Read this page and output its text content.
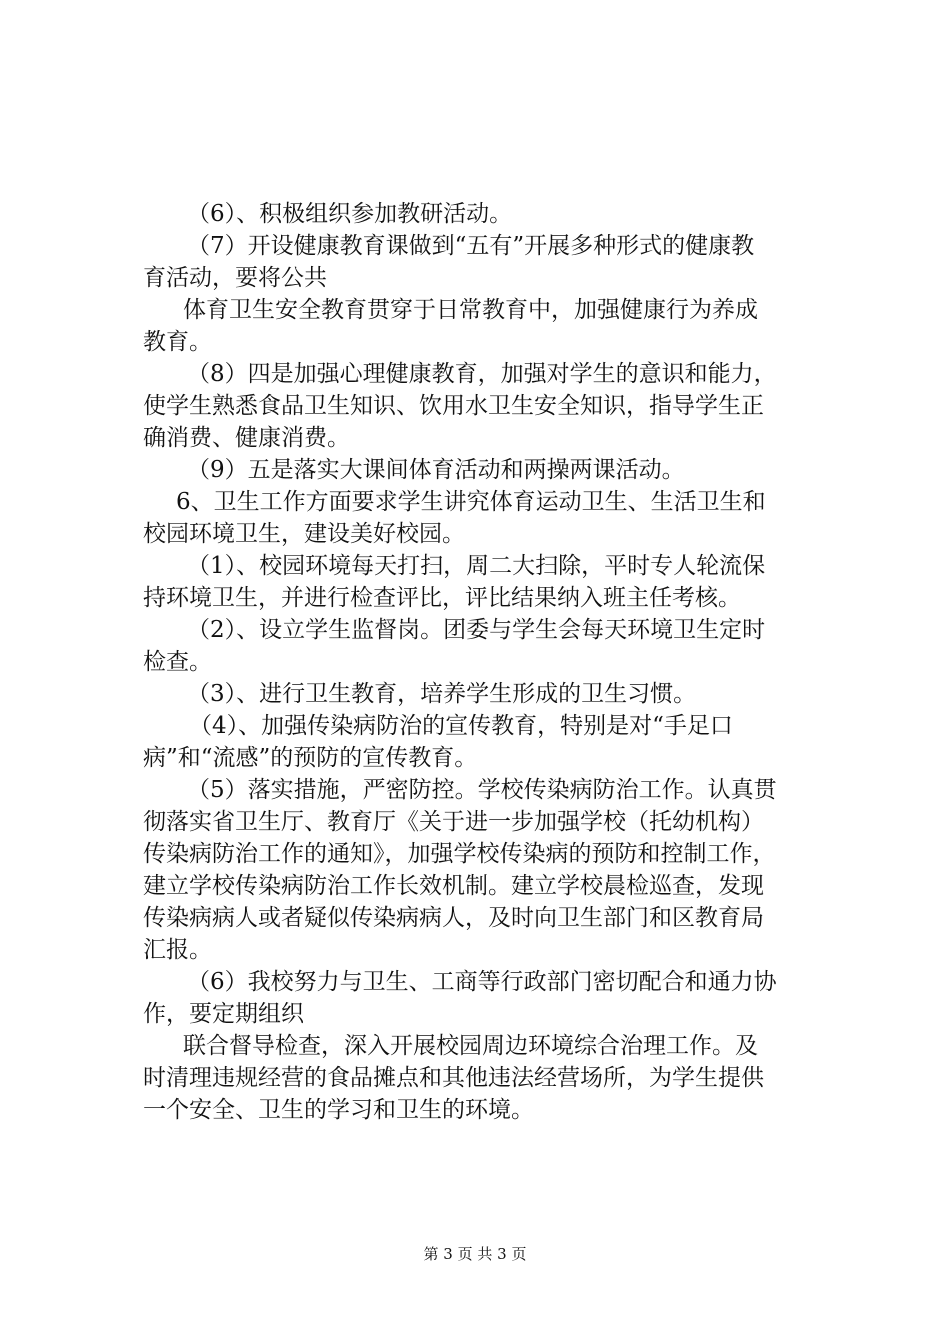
（6）、积极组织参加教研活动。
（7）开设健康教育课做到“五有”开展多种形式的健康教
育活动，要将公共
体育卫生安全教育贯穿于日常教育中，加强健康行为养成
教育。
（8）四是加强心理健康教育，加强对学生的意识和能力，
使学生熟悉食品卫生知识、饮用水卫生安全知识，指导学生正
确消费、健康消费。
（9）五是落实大课间体育活动和两操两课活动。
6、卫生工作方面要求学生讲究体育运动卫生、生活卫生和
校园环境卫生，建设美好校园。
（1）、校园环境每天打扫，周二大扫除，平时专人轮流保
持环境卫生，并进行检查评比，评比结果纳入班主任考核。
（2）、设立学生监督岗。团委与学生会每天环境卫生定时
检查。
（3）、进行卫生教育，培养学生形成的卫生习惯。
（4）、加强传染病防治的宣传教育，特别是对“手足口
病”和“流感”的预防的宣传教育。
（5）落实措施，严密防控。学校传染病防治工作。认真贯
彻落实省卫生厅、教育厅《关于进一步加强学校（托幼机构）
传染病防治工作的通知》，加强学校传染病的预防和控制工作，
建立学校传染病防治工作长效机制。建立学校晨检巡查，发现
传染病病人或者疑似传染病病人，及时向卫生部门和区教育局
汇报。
（6）我校努力与卫生、工商等行政部门密切配合和通力协
作，要定期组织
联合督导检查，深入开展校园周边环境综合治理工作。及
时清理违规经营的食品摊点和其他违法经营场所，为学生提供
一个安全、卫生的学习和卫生的环境。
第 3 页 共 3 页
